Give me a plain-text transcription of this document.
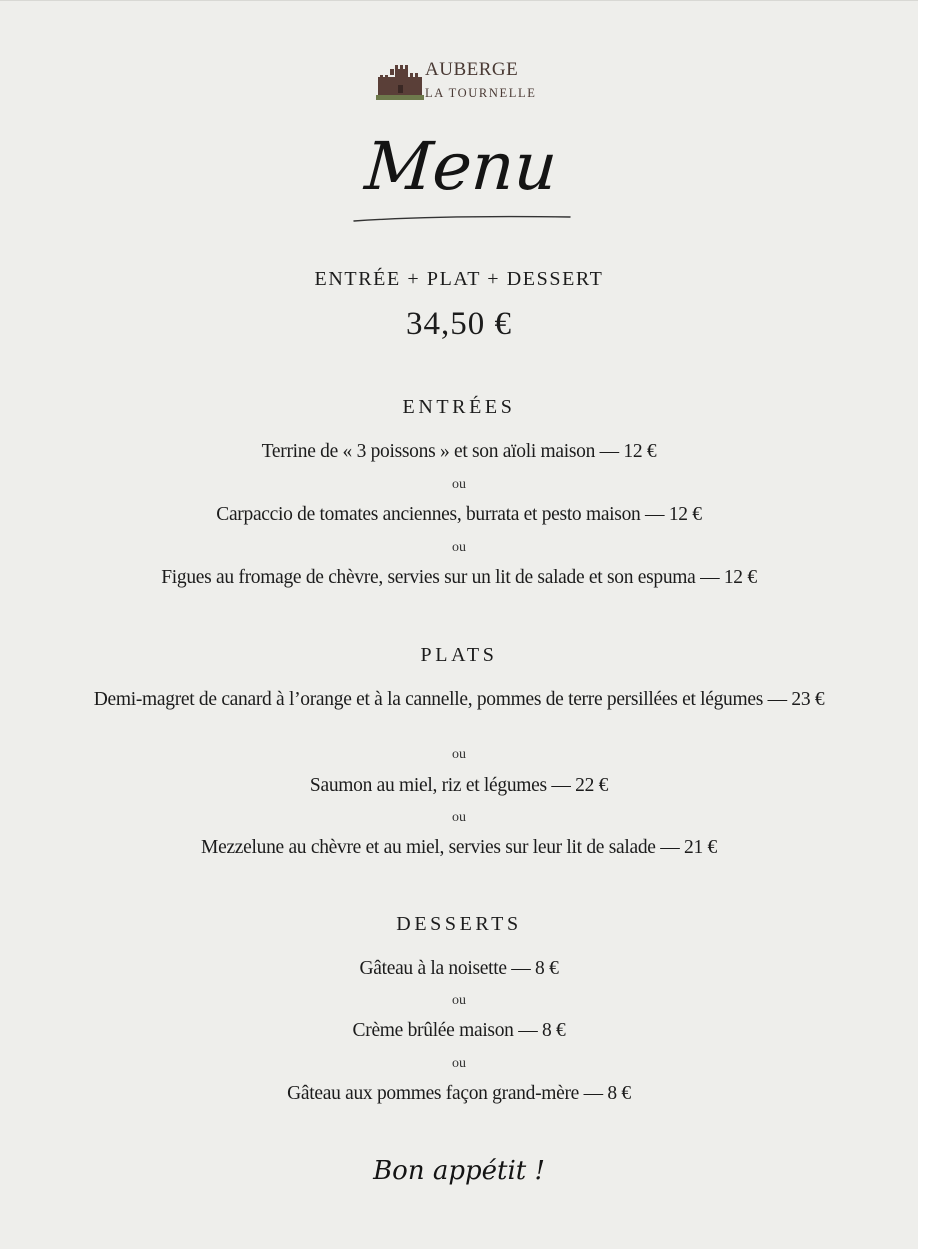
AUBERGE
LA TOURNELLE
Menu
ENTRÉE + PLAT + DESSERT
34,50 €
ENTRÉES
Terrine de « 3 poissons » et son aïoli maison — 12 €
ou
Carpaccio de tomates anciennes, burrata et pesto maison — 12 €
ou
Figues au fromage de chèvre, servies sur un lit de salade et son espuma — 12 €
PLATS
Demi-magret de canard à l’orange et à la cannelle, pommes de terre persillées et légumes — 23 €
ou
Saumon au miel, riz et légumes — 22 €
ou
Mezzelune au chèvre et au miel, servies sur leur lit de salade — 21 €
DESSERTS
Gâteau à la noisette — 8 €
ou
Crème brûlée maison — 8 €
ou
Gâteau aux pommes façon grand-mère — 8 €
Bon appétit !
